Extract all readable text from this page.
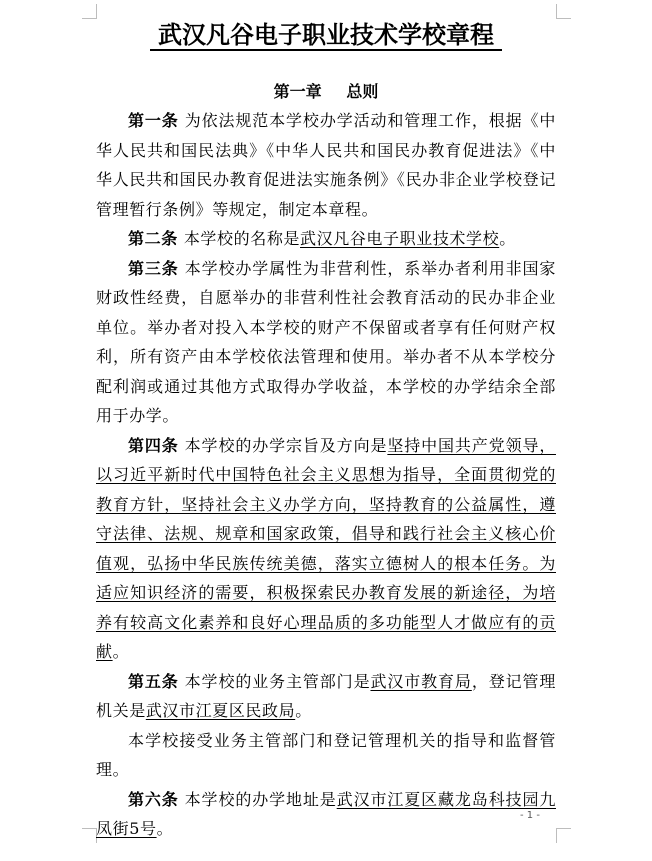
武汉凡谷电子职业技术学校章程
第一章 总则

第一条 为依法规范本学校办学活动和管理工作，根据《中华人民共和国民法典》《中华人民共和国民办教育促进法》《中华人民共和国民办教育促进法实施条例》《民办非企业学校登记管理暂行条例》等规定，制定本章程。

第二条 本学校的名称是武汉凡谷电子职业技术学校。

第三条 本学校办学属性为非营利性，系举办者利用非国家财政性经费，自愿举办的非营利性社会教育活动的民办非企业单位。举办者对投入本学校的财产不保留或者享有任何财产权利，所有资产由本学校依法管理和使用。举办者不从本学校分配利润或通过其他方式取得办学收益，本学校的办学结余全部用于办学。

第四条 本学校的办学宗旨及方向是坚持中国共产党领导，以习近平新时代中国特色社会主义思想为指导，全面贯彻党的教育方针，坚持社会主义办学方向，坚持教育的公益属性，遵守法律、法规、规章和国家政策，倡导和践行社会主义核心价值观，弘扬中华民族传统美德，落实立德树人的根本任务。为适应知识经济的需要，积极探索民办教育发展的新途径，为培养有较高文化素养和良好心理品质的多功能型人才做应有的贡献。

第五条 本学校的业务主管部门是武汉市教育局，登记管理机关是武汉市江夏区民政局。

本学校接受业务主管部门和登记管理机关的指导和监督管理。

第六条 本学校的办学地址是武汉市江夏区藏龙岛科技园九凤街5号。

- 1 -
